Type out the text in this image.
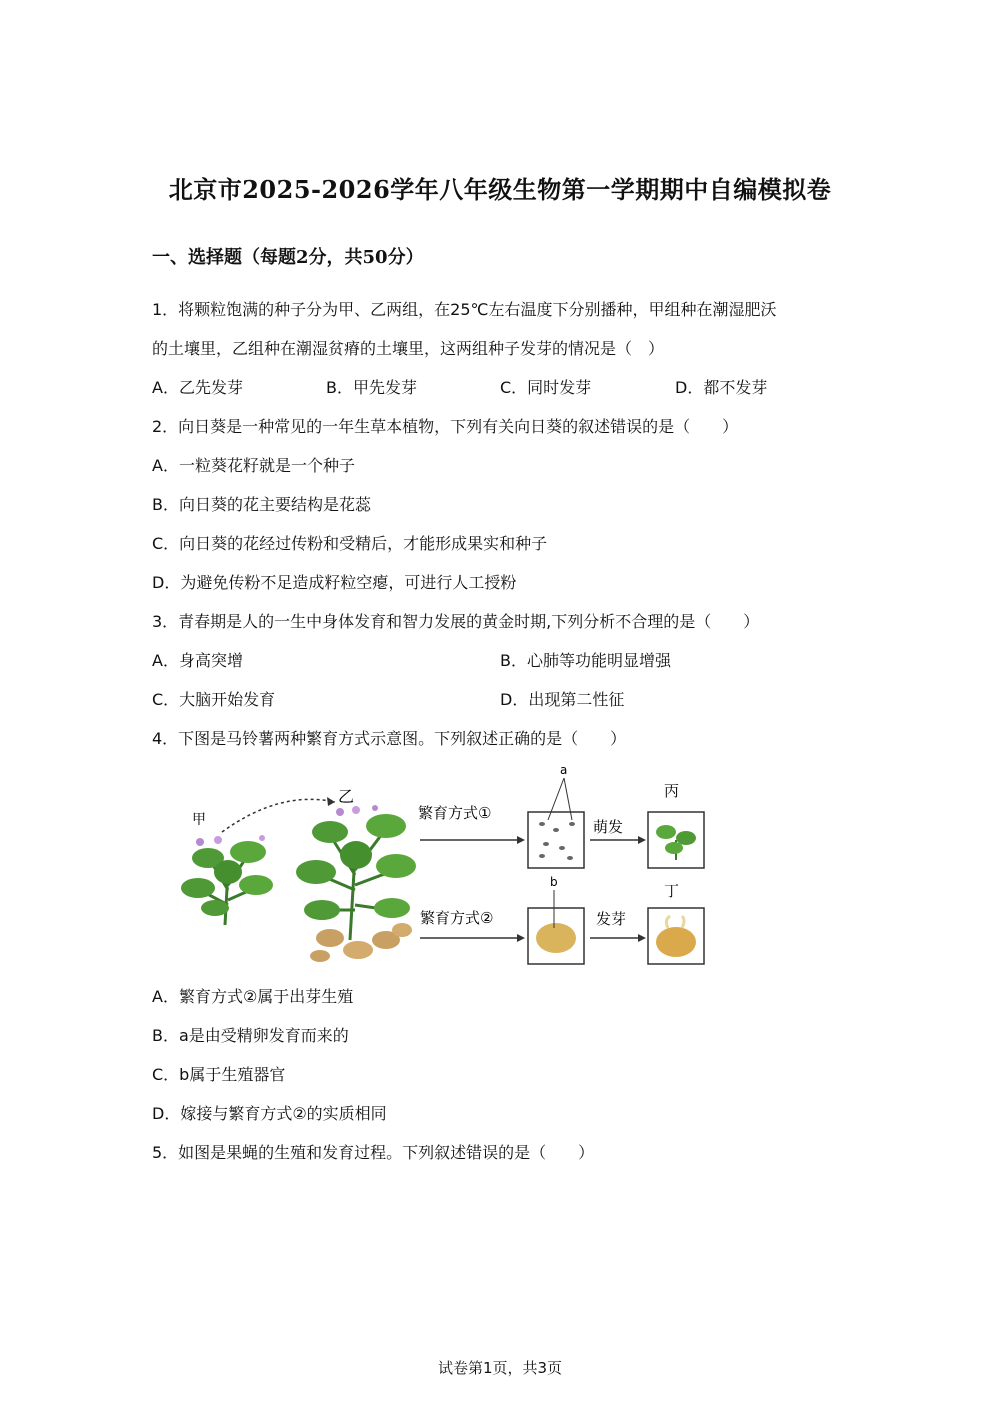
北京市2025-2026学年八年级生物第一学期期中自编模拟卷
一、选择题（每题2分，共50分）
1．将颗粒饱满的种子分为甲、乙两组，在25℃左右温度下分别播种，甲组种在潮湿肥沃
的土壤里，乙组种在潮湿贫瘠的土壤里，这两组种子发芽的情况是（　）
A．乙先发芽	B．甲先发芽	C．同时发芽	D．都不发芽
2．向日葵是一种常见的一年生草本植物，下列有关向日葵的叙述错误的是（　　）
A．一粒葵花籽就是一个种子
B．向日葵的花主要结构是花蕊
C．向日葵的花经过传粉和受精后，才能形成果实和种子
D．为避免传粉不足造成籽粒空瘪，可进行人工授粉
3．青春期是人的一生中身体发育和智力发展的黄金时期,下列分析不合理的是（　　）
A．身高突增	B．心肺等功能明显增强
C．大脑开始发育	D．出现第二性征
4．下图是马铃薯两种繁育方式示意图。下列叙述正确的是（　　）
甲
乙
繁育方式①
a
萌发
丙
繁育方式②
b
发芽
丁
A．繁育方式②属于出芽生殖
B．a是由受精卵发育而来的
C．b属于生殖器官
D．嫁接与繁育方式②的实质相同
5．如图是果蝇的生殖和发育过程。下列叙述错误的是（　　）
试卷第1页，共3页
